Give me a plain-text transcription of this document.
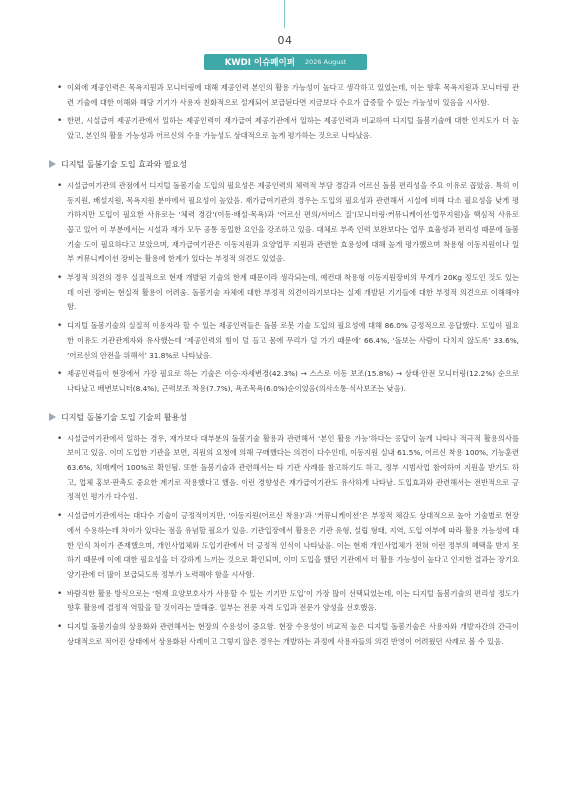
04
KWDI 이슈페이퍼 2026 August
• 이외에 제공인력은 목욕지원과 모니터링에 대해 제공인력 본인의 활용 가능성이 높다고 생각하고 있었는데, 이는 향후 목욕지원과 모니터링 관련 기술에 대한 이해와 해당 기기가 사용자 친화적으로 설계되어 보급된다면 지금보다 수요가 급증할 수 있는 가능성이 있음을 시사함.
• 한편, 시설급여 제공기관에서 일하는 제공인력이 재가급여 제공기관에서 일하는 제공인력과 비교하여 디지털 돌봄기술에 대한 인지도가 더 높았고, 본인의 활용 가능성과 어르신의 수용 가능성도 상대적으로 높게 평가하는 것으로 나타났음.
디지털 돌봄기술 도입 효과와 필요성
• 시설급여기관의 관점에서 디지털 돌봄기술 도입의 필요성은 제공인력의 체력적 부담 경감과 어르신 돌봄 편리성을 주요 이유로 꼽았음. 특히 이동지원, 배설지원, 목욕지원 분야에서 필요성이 높았음. 재가급여기관의 경우는 도입의 필요성과 관련해서 시설에 비해 다소 필요성을 낮게 평가하지만 도입이 필요한 사유로는 ‘체력 경감’(이동·배설·목욕)과 ‘어르신 편의/서비스 질’(모니터링·커뮤니케이션·업무지원)을 핵심적 사유로 꼽고 있어 이 부분에서는 시설과 재가 모두 공통 동일한 요인을 강조하고 있음. 대체로 부족 인력 보완보다는 업무 효율성과 편리성 때문에 돌봄기술 도이 필요하다고 보았으며, 재가급여기관은 이동지원과 요양업무 지원과 관련한 효용성에 대해 높게 평가했으며 착용형 이동지원이나 일부 커뮤니케이션 장비는 활용에 한계가 있다는 부정적 의견도 있었음.
• 부정적 의견의 경우 실질적으로 현재 개발된 기술의 한계 때문이라 생각되는데, 예컨대 착용형 이동지원장비의 무게가 20Kg 정도인 것도 있는데 이런 장비는 현실적 활용이 어려움. 돌봄기술 자체에 대한 부정적 의견이라기보다는 실제 개발된 기기들에 대한 부정적 의견으로 이해해야 함.
• 디지털 돌봄기술의 실질적 이용자라 할 수 있는 제공인력들은 돌봄 로봇 기술 도입의 필요성에 대해 86.0% 긍정적으로 응답했다. 도입이 필요한 이유도 기관관계자와 유사했는데 ‘제공인력의 힘이 덜 들고 몸에 무리가 덜 가기 때문에’ 66.4%, ‘돌보는 사람이 다치지 않도록’ 33.6%, ‘어르신의 안전을 위해서’ 31.8%로 나타났음.
• 제공인력들이 현장에서 가장 필요로 하는 기술은 이승·자세변경(42.3%) → 스스로 이동 보조(15.8%) → 상태·안전 모니터링(12.2%) 순으로 나타났고 배변보니터(8.4%), 근력보조 착용(7.7%), 욕조목욕(6.0%)순이었음(의사소통·식사보조는 낮음).
디지털 돌봄기술 도입 기술의 활용성
• 시설급여기관에서 일하는 경우, 재가보다 대부분의 돌봄기술 활용과 관련해서 ‘본인 활용 가능’하다는 응답이 높게 나타나 적극적 활용의사를 보이고 있음. 이미 도입한 기관을 보면, 직원의 요청에 의해 구매했다는 의견이 다수인데, 이동지원 실내 61.5%, 어르신 착용 100%, 기능훈련 63.6%, 치매케어 100%로 확인됨. 또한 돌봄기술과 관련해서는 타 기관 사례를 참고하기도 하고, 정부 시범사업 참여하여 지원을 받기도 하고, 업체 홍보·판촉도 중요한 계기로 작용했다고 했음. 이런 경향성은 재가급여기관도 유사하게 나타남. 도입효과와 관련해서는 전반적으로 긍정적인 평가가 다수임.
• 시설급여기관에서는 대다수 기술이 긍정적이지만, ‘이동지원(어르신 착용)’과 ‘커뮤니케이션’은 부정적 체감도 상대적으로 높아 기술별로 현장에서 수용하는데 차이가 있다는 점을 유념할 필요가 있음. 기관입장에서 활용은 기관 유형, 설립 형태, 지역, 도입 여부에 따라 활용 가능성에 대한 인식 차이가 존재했으며, 개인사업체와 도입기관에서 더 긍정적 인식이 나타났음. 이는 현재 개인사업체가 전혀 이런 정부의 혜택을 받지 못하기 때문에 이에 대한 필요성을 더 강하게 느끼는 것으로 확인되며, 이미 도입을 했던 기관에서 더 활용 가능성이 높다고 인지한 결과는 장기요양기관에 더 많이 보급되도록 정부가 노력해야 함을 시사함.
• 바람직한 활용 방식으로는 ‘현재 요양보호사가 사용할 수 있는 기기만 도입’이 가장 많이 선택되었는데, 이는 디지털 돌봄기술의 편리성 정도가 향후 활용에 결정적 역할을 할 것이라는 말해줌. 일부는 전문 자격 도입과 전문가 양성을 선호했음.
• 디지털 돌봄기술의 상용화와 관련해서는 현장의 수용성이 중요함. 현장 수용성이 비교적 높은 디지털 돌봄기술은 사용자와 개발자간의 간극이 상대적으로 적어진 상태에서 상용화된 사례이고 그렇지 않은 경우는 개발하는 과정에 사용자들의 의견 반영이 어려웠던 사례로 볼 수 있음.
